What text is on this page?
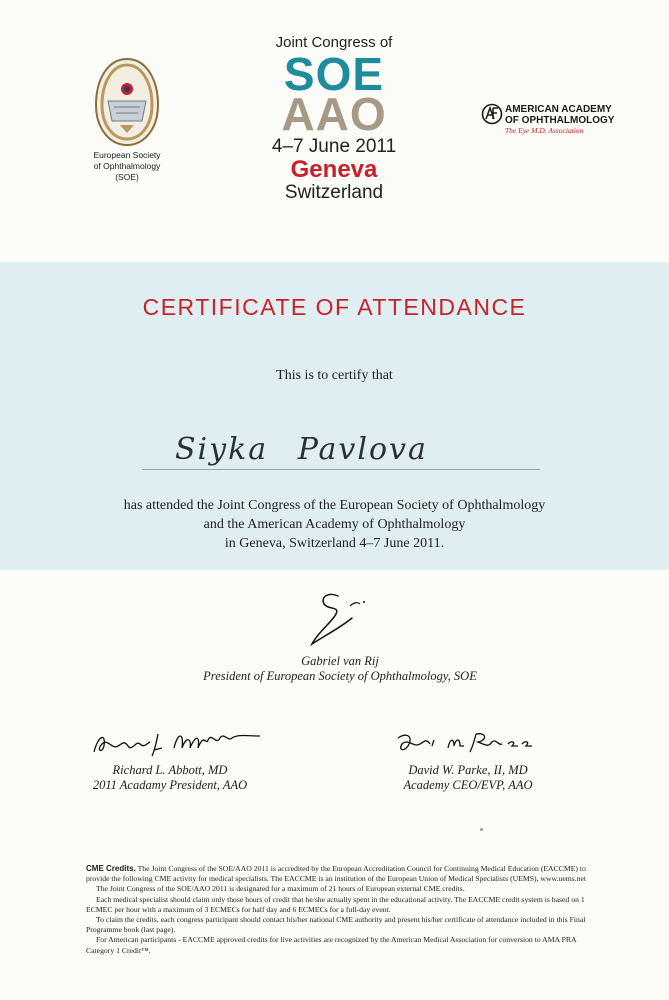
European Society
of Ophthalmology
(SOE)
Joint Congress of
SOE
AAO
4–7 June 2011
Geneva
Switzerland
AMERICAN ACADEMY
OF OPHTHALMOLOGY
The Eye M.D. Association
CERTIFICATE OF ATTENDANCE
This is to certify that
Siyka Pavlova
has attended the Joint Congress of the European Society of Ophthalmology
and the American Academy of Ophthalmology
in Geneva, Switzerland 4–7 June 2011.
Gabriel van Rij
President of European Society of Ophthalmology, SOE
Richard L. Abbott, MD
2011 Acadamy President, AAO
David W. Parke, II, MD
Academy CEO/EVP, AAO

CME Credits. The Joint Congress of the SOE/AAO 2011 is accredited by the European Accreditation Council for Continuing Medical Education (EACCME) to provide the following CME activity for medical specialists. The EACCME is an institution of the European Union of Medical Specialists (UEMS), www.uems.net

The Joint Congress of the SOE/AAO 2011 is designated for a maximum of 21 hours of European external CME credits.

Each medical specialist should claim only those hours of credit that he/she actually spent in the educational activity. The EACCME credit system is based on 1 ECMEC per hour with a maximum of 3 ECMECs for half day and 6 ECMECs for a full-day event.

To claim the credits, each congress participant should contact his/her national CME authority and present his/her certificate of attendance included in this Final Programme book (last page).

For American participants - EACCME approved credits for live activities are recognized by the American Medical Association for conversion to AMA PRA Category 1 Credit™.
